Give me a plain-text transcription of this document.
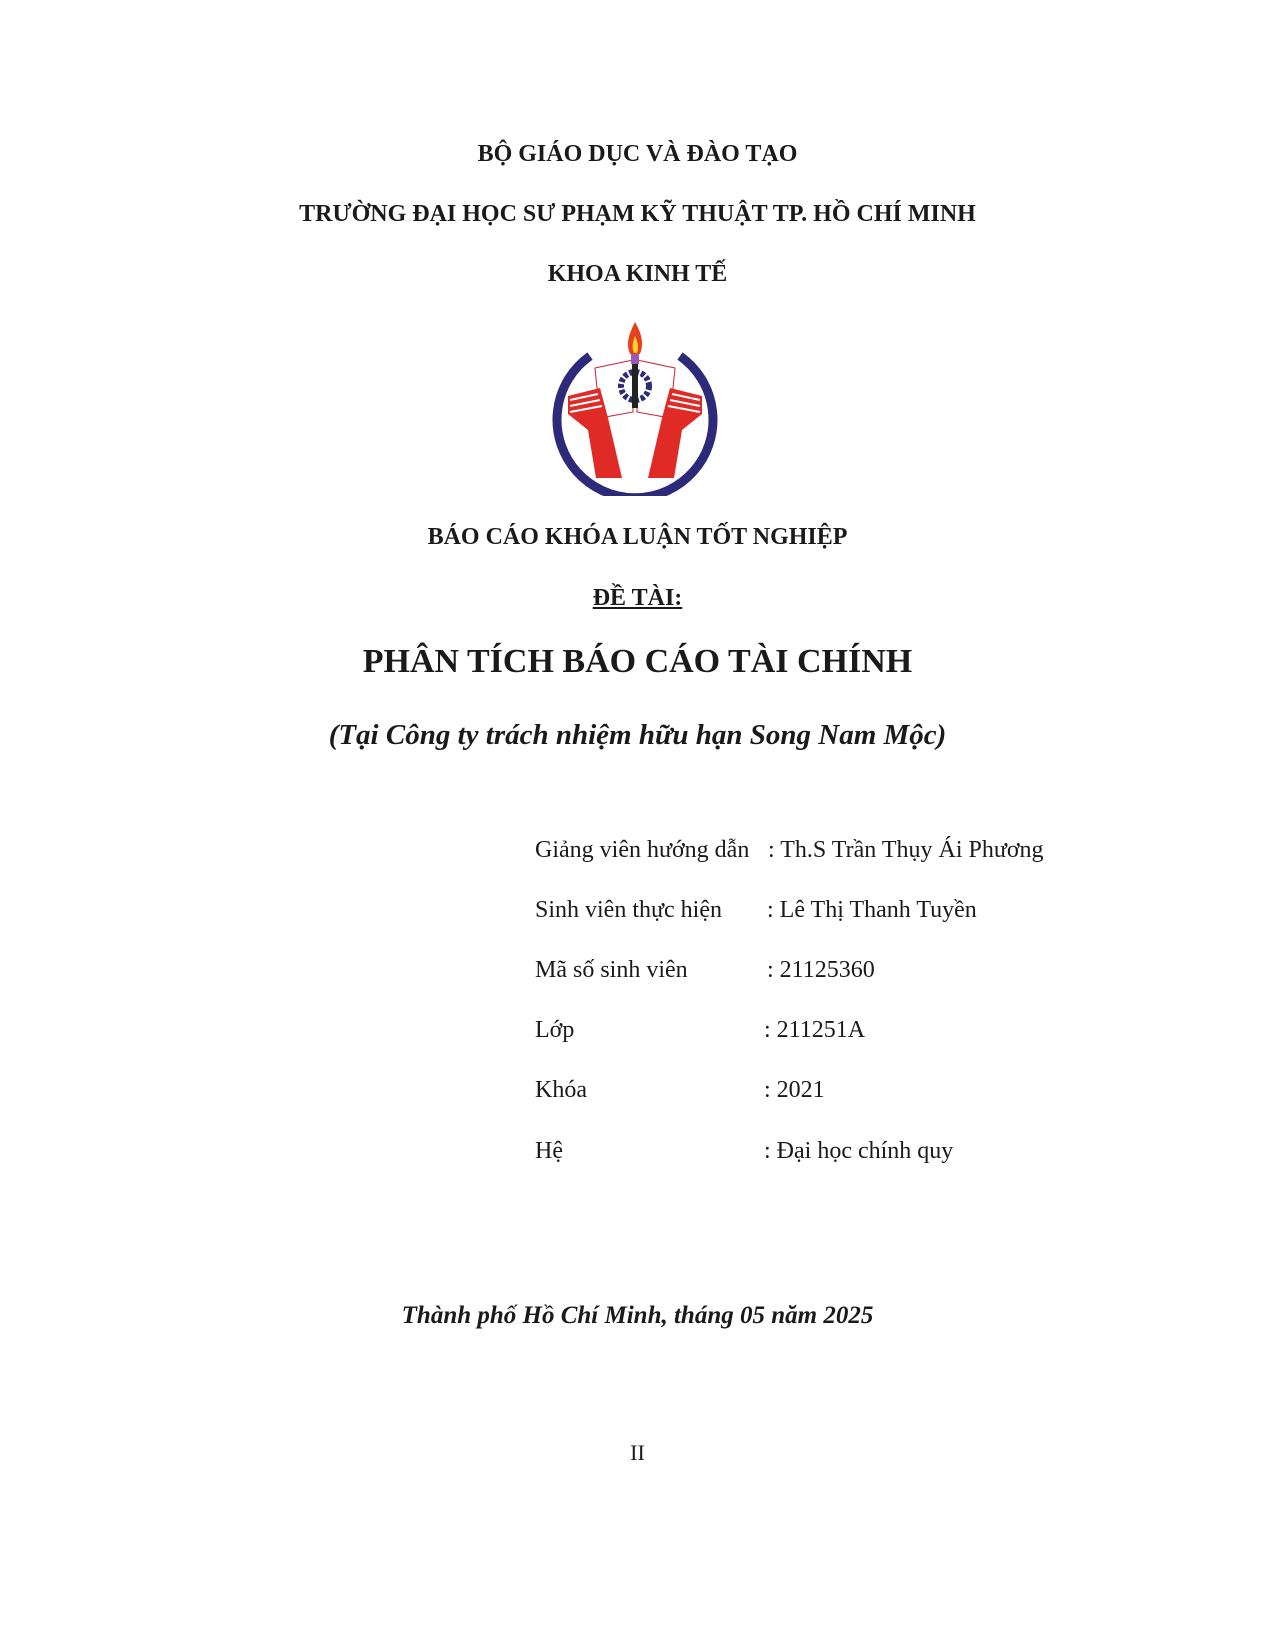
BỘ GIÁO DỤC VÀ ĐÀO TẠO
TRƯỜNG ĐẠI HỌC SƯ PHẠM KỸ THUẬT TP. HỒ CHÍ MINH
KHOA KINH TẾ
BÁO CÁO KHÓA LUẬN TỐT NGHIỆP
ĐỀ TÀI:
PHÂN TÍCH BÁO CÁO TÀI CHÍNH
(Tại Công ty trách nhiệm hữu hạn Song Nam Mộc)
Giảng viên hướng dẫn : Th.S Trần Thụy Ái Phương
Sinh viên thực hiện : Lê Thị Thanh Tuyền
Mã số sinh viên	: 21125360
Lớp	: 211251A
Khóa	: 2021
Hệ	: Đại học chính quy
Thành phố Hồ Chí Minh, tháng 05 năm 2025
II
